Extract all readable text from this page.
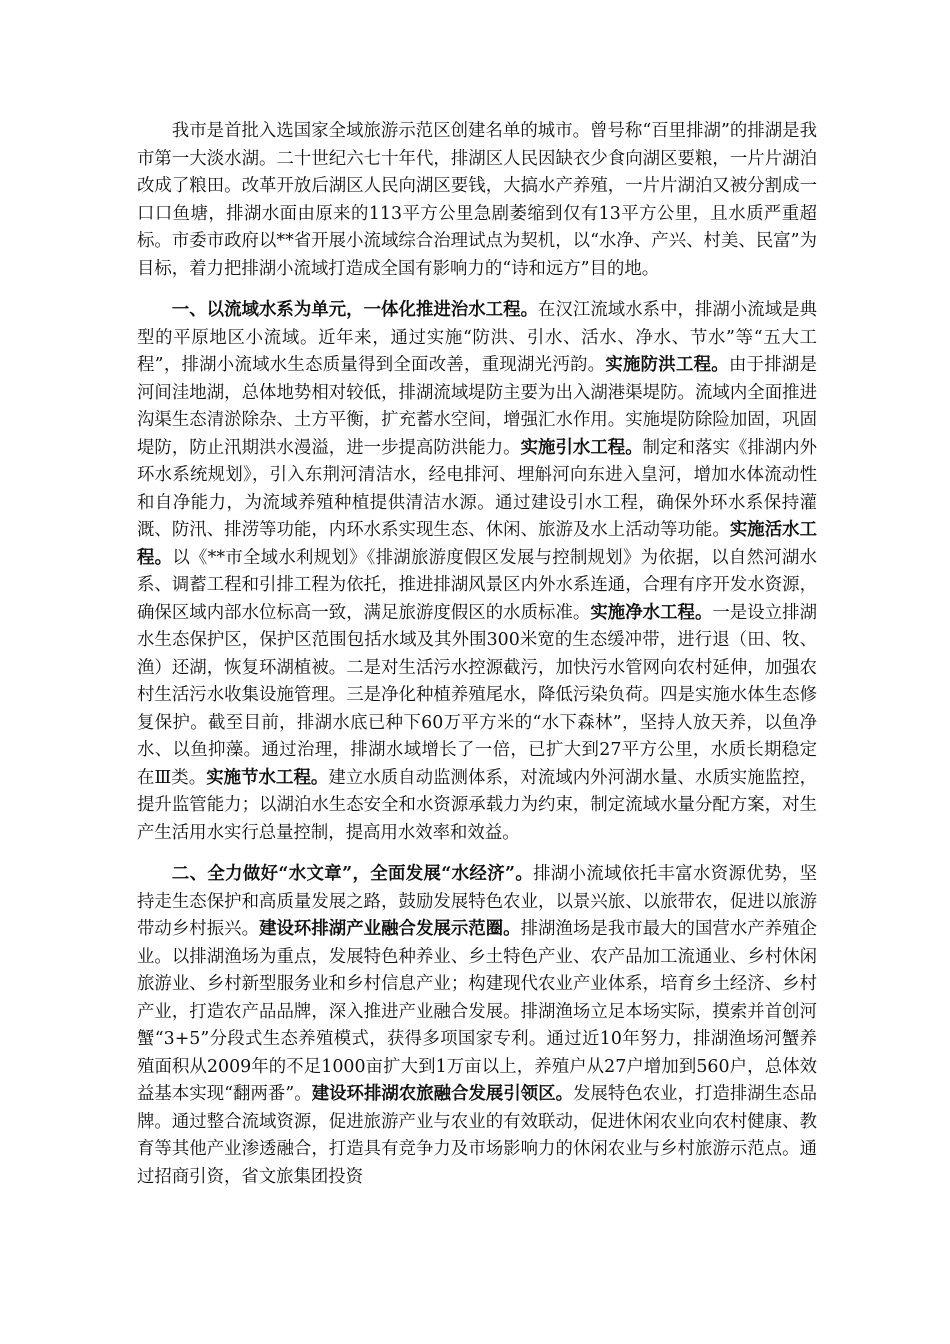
我市是首批入选国家全域旅游示范区创建名单的城市。曾号称“百里排湖”的排湖是我市第一大淡水湖。二十世纪六七十年代，排湖区人民因缺衣少食向湖区要粮，一片片湖泊改成了粮田。改革开放后湖区人民向湖区要钱，大搞水产养殖，一片片湖泊又被分割成一口口鱼塘，排湖水面由原来的113平方公里急剧萎缩到仅有13平方公里，且水质严重超标。市委市政府以**省开展小流域综合治理试点为契机，以“水净、产兴、村美、民富”为目标，着力把排湖小流域打造成全国有影响力的“诗和远方”目的地。

一、以流域水系为单元，一体化推进治水工程。在汉江流域水系中，排湖小流域是典型的平原地区小流域。近年来，通过实施“防洪、引水、活水、净水、节水”等“五大工程”，排湖小流域水生态质量得到全面改善，重现湖光沔韵。实施防洪工程。由于排湖是河间洼地湖，总体地势相对较低，排湖流域堤防主要为出入湖港渠堤防。流域内全面推进沟渠生态清淤除杂、土方平衡，扩充蓄水空间，增强汇水作用。实施堤防除险加固，巩固堤防，防止汛期洪水漫溢，进一步提高防洪能力。实施引水工程。制定和落实《排湖内外环水系统规划》，引入东荆河清洁水，经电排河、埋斛河向东进入皇河，增加水体流动性和自净能力，为流域养殖种植提供清洁水源。通过建设引水工程，确保外环水系保持灌溉、防汛、排涝等功能，内环水系实现生态、休闲、旅游及水上活动等功能。实施活水工程。以《**市全域水利规划》《排湖旅游度假区发展与控制规划》为依据，以自然河湖水系、调蓄工程和引排工程为依托，推进排湖风景区内外水系连通，合理有序开发水资源，确保区域内部水位标高一致，满足旅游度假区的水质标准。实施净水工程。一是设立排湖水生态保护区，保护区范围包括水域及其外围300米宽的生态缓冲带，进行退（田、牧、渔）还湖，恢复环湖植被。二是对生活污水控源截污，加快污水管网向农村延伸，加强农村生活污水收集设施管理。三是净化种植养殖尾水，降低污染负荷。四是实施水体生态修复保护。截至目前，排湖水底已种下60万平方米的“水下森林”，坚持人放天养，以鱼净水、以鱼抑藻。通过治理，排湖水域增长了一倍，已扩大到27平方公里，水质长期稳定在Ⅲ类。实施节水工程。建立水质自动监测体系，对流域内外河湖水量、水质实施监控，提升监管能力；以湖泊水生态安全和水资源承载力为约束，制定流域水量分配方案，对生产生活用水实行总量控制，提高用水效率和效益。

二、全力做好“水文章”，全面发展“水经济”。排湖小流域依托丰富水资源优势，坚持走生态保护和高质量发展之路，鼓励发展特色农业，以景兴旅、以旅带农，促进以旅游带动乡村振兴。建设环排湖产业融合发展示范圈。排湖渔场是我市最大的国营水产养殖企业。以排湖渔场为重点，发展特色种养业、乡土特色产业、农产品加工流通业、乡村休闲旅游业、乡村新型服务业和乡村信息产业；构建现代农业产业体系，培育乡土经济、乡村产业，打造农产品品牌，深入推进产业融合发展。排湖渔场立足本场实际，摸索并首创河蟹“3+5”分段式生态养殖模式，获得多项国家专利。通过近10年努力，排湖渔场河蟹养殖面积从2009年的不足1000亩扩大到1万亩以上，养殖户从27户增加到560户，总体效益基本实现“翻两番”。建设环排湖农旅融合发展引领区。发展特色农业，打造排湖生态品牌。通过整合流域资源，促进旅游产业与农业的有效联动，促进休闲农业向农村健康、教育等其他产业渗透融合，打造具有竞争力及市场影响力的休闲农业与乡村旅游示范点。通过招商引资，省文旅集团投资
